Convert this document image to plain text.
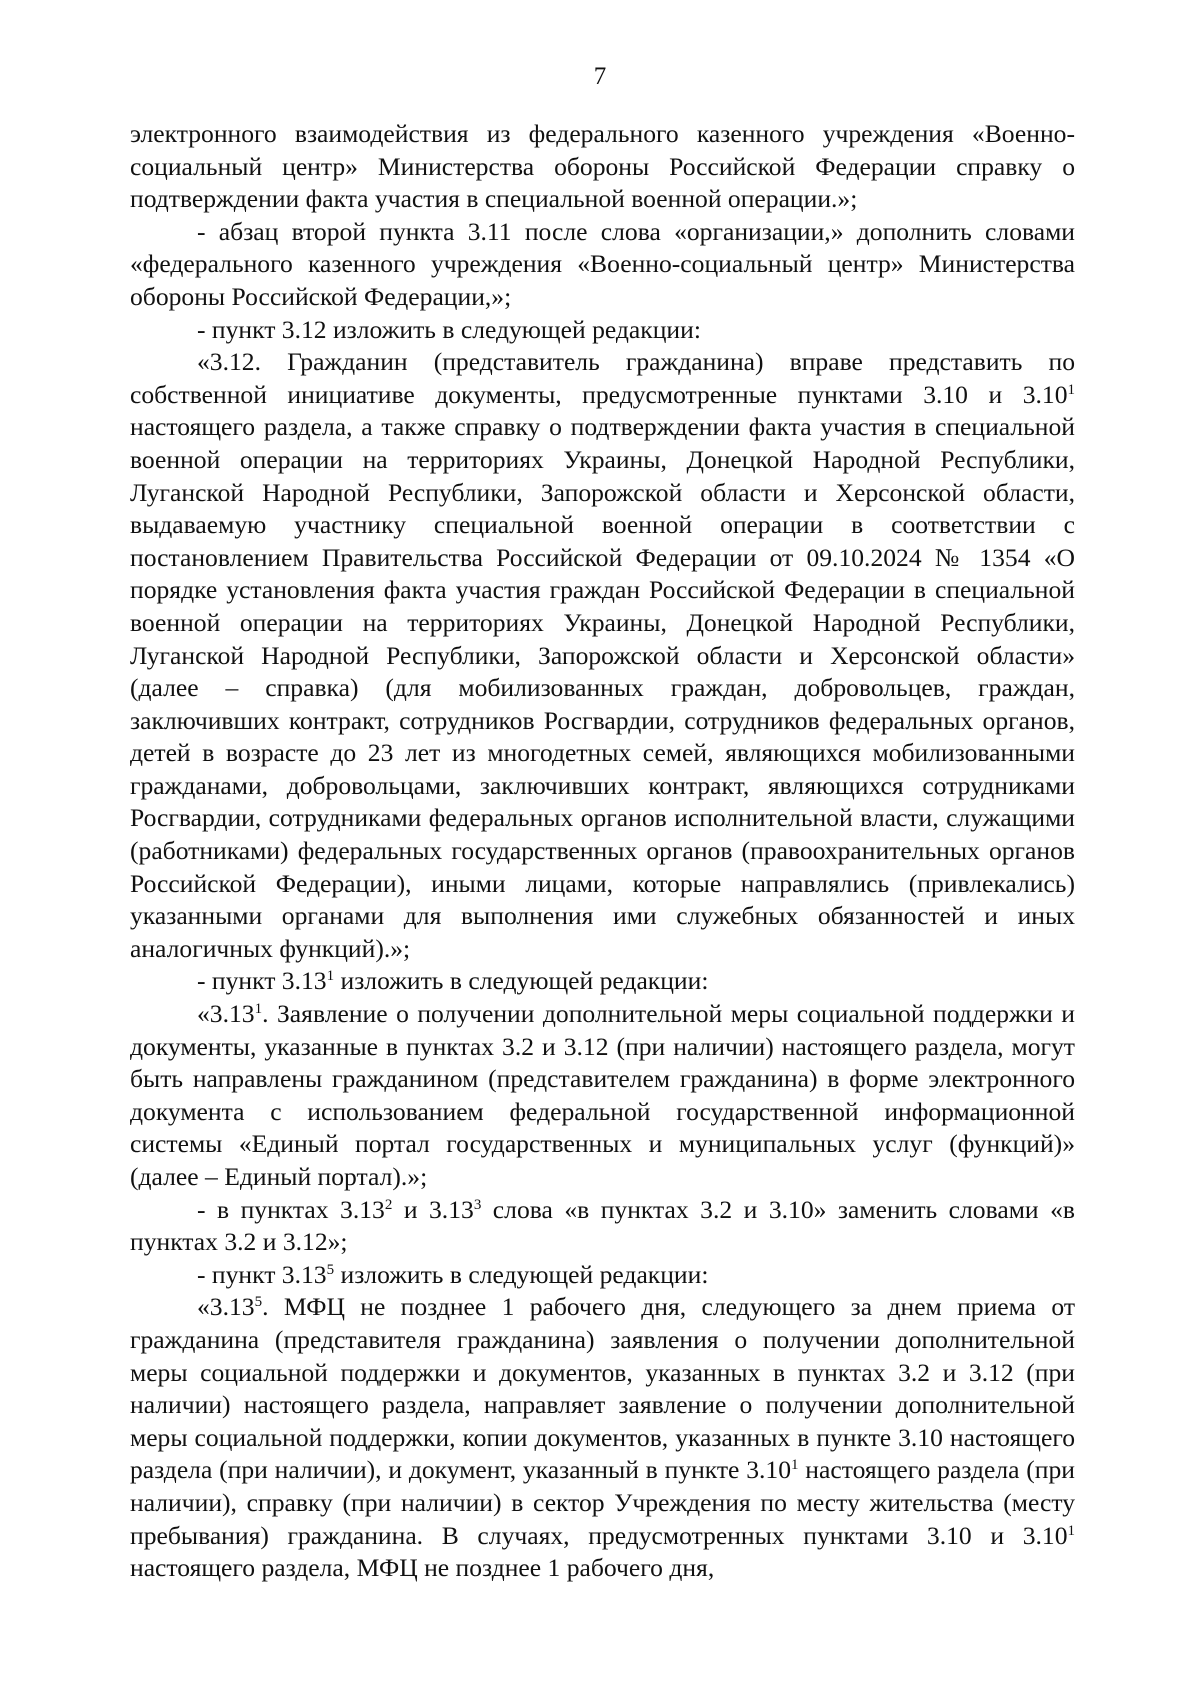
7

электронного взаимодействия из федерального казенного учреждения «Военно-социальный центр» Министерства обороны Российской Федерации справку о подтверждении факта участия в специальной военной операции.»;

- абзац второй пункта 3.11 после слова «организации,» дополнить словами «федерального казенного учреждения «Военно-социальный центр» Министерства обороны Российской Федерации,»;

- пункт 3.12 изложить в следующей редакции:

«3.12. Гражданин (представитель гражданина) вправе представить по собственной инициативе документы, предусмотренные пунктами 3.10 и 3.10$^1$ настоящего раздела, а также справку о подтверждении факта участия в специальной военной операции на территориях Украины, Донецкой Народной Республики, Луганской Народной Республики, Запорожской области и Херсонской области, выдаваемую участнику специальной военной операции в соответствии с постановлением Правительства Российской Федерации от 09.10.2024 № 1354 «О порядке установления факта участия граждан Российской Федерации в специальной военной операции на территориях Украины, Донецкой Народной Республики, Луганской Народной Республики, Запорожской области и Херсонской области» (далее – справка) (для мобилизованных граждан, добровольцев, граждан, заключивших контракт, сотрудников Росгвардии, сотрудников федеральных органов, детей в возрасте до 23 лет из многодетных семей, являющихся мобилизованными гражданами, добровольцами, заключивших контракт, являющихся сотрудниками Росгвардии, сотрудниками федеральных органов исполнительной власти, служащими (работниками) федеральных государственных органов (правоохранительных органов Российской Федерации), иными лицами, которые направлялись (привлекались) указанными органами для выполнения ими служебных обязанностей и иных аналогичных функций).»;

- пункт 3.13$^1$ изложить в следующей редакции:

«3.13$^1$. Заявление о получении дополнительной меры социальной поддержки и документы, указанные в пунктах 3.2 и 3.12 (при наличии) настоящего раздела, могут быть направлены гражданином (представителем гражданина) в форме электронного документа с использованием федеральной государственной информационной системы «Единый портал государственных и муниципальных услуг (функций)» (далее – Единый портал).»;

- в пунктах 3.13$^2$ и 3.13$^3$ слова «в пунктах 3.2 и 3.10» заменить словами «в пунктах 3.2 и 3.12»;

- пункт 3.13$^5$ изложить в следующей редакции:

«3.13$^5$. МФЦ не позднее 1 рабочего дня, следующего за днем приема от гражданина (представителя гражданина) заявления о получении дополнительной меры социальной поддержки и документов, указанных в пунктах 3.2 и 3.12 (при наличии) настоящего раздела, направляет заявление о получении дополнительной меры социальной поддержки, копии документов, указанных в пункте 3.10 настоящего раздела (при наличии), и документ, указанный в пункте 3.10$^1$ настоящего раздела (при наличии), справку (при наличии) в сектор Учреждения по месту жительства (месту пребывания) гражданина. В случаях, предусмотренных пунктами 3.10 и 3.10$^1$ настоящего раздела, МФЦ не позднее 1 рабочего дня,
